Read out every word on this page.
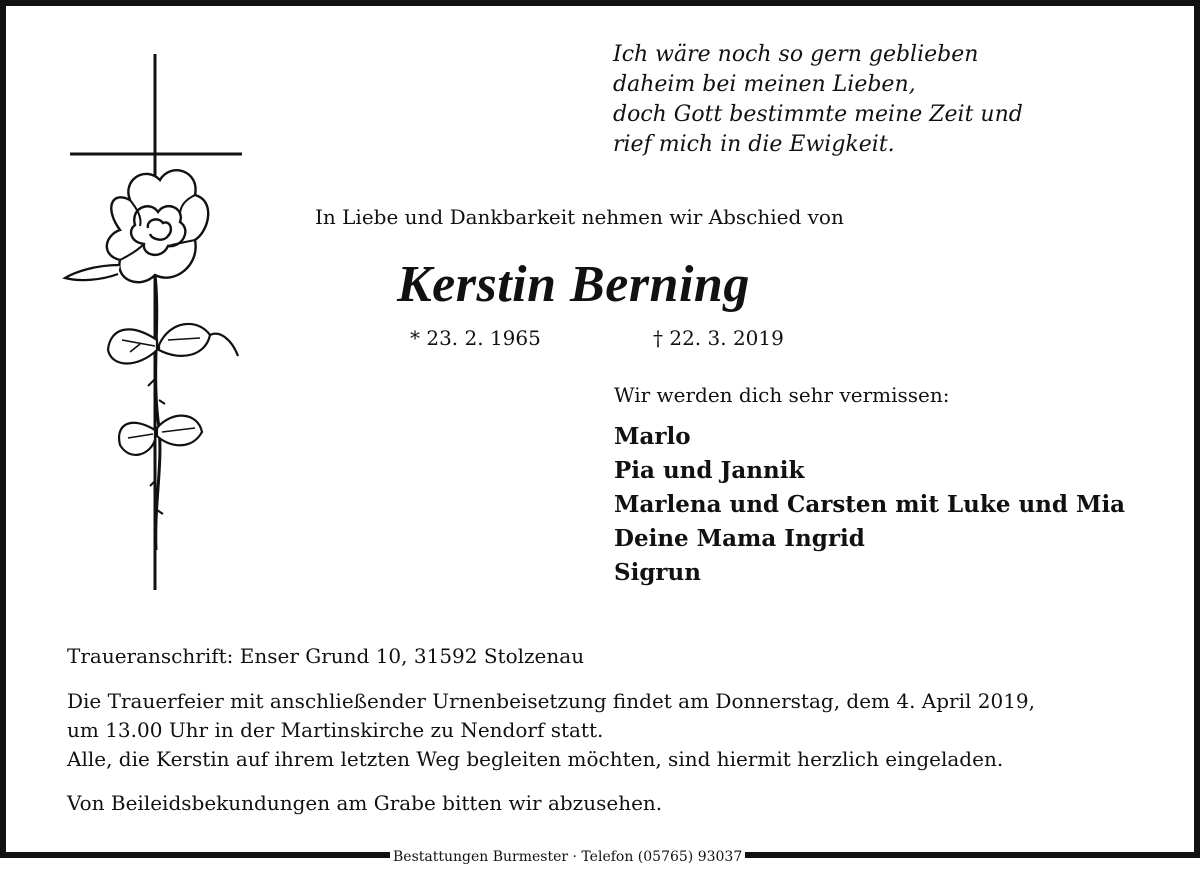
Ich wäre noch so gern geblieben
daheim bei meinen Lieben,
doch Gott bestimmte meine Zeit und
rief mich in die Ewigkeit.
In Liebe und Dankbarkeit nehmen wir Abschied von
Kerstin Berning
* 23. 2. 1965	† 22. 3. 2019
Wir werden dich sehr vermissen:
Marlo
Pia und Jannik
Marlena und Carsten mit Luke und Mia
Deine Mama Ingrid
Sigrun
Traueranschrift: Enser Grund 10, 31592 Stolzenau
Die Trauerfeier mit anschließender Urnenbeisetzung findet am Donnerstag, dem 4. April 2019,
um 13.00 Uhr in der Martinskirche zu Nendorf statt.
Alle, die Kerstin auf ihrem letzten Weg begleiten möchten, sind hiermit herzlich eingeladen.
Von Beileidsbekundungen am Grabe bitten wir abzusehen.
Bestattungen Burmester · Telefon (05765) 93037
